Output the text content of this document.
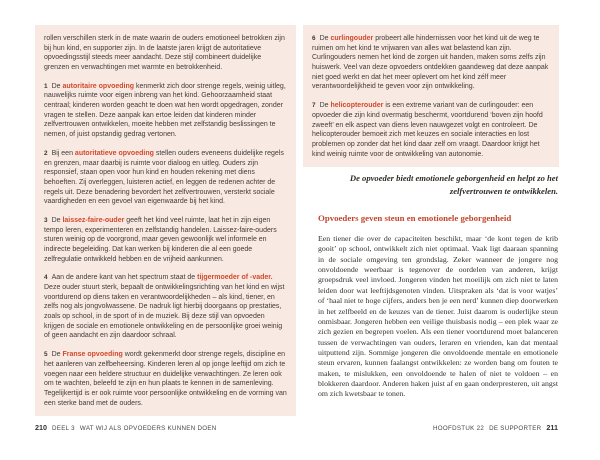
rollen verschillen sterk in de mate waarin de ouders emotioneel betrokken zijn bij hun kind, en supporter zijn. In de laatste jaren krijgt de autoritatieve opvoedingsstijl steeds meer aandacht. Deze stijl combineert duidelijke grenzen en verwachtingen met warmte en betrokkenheid.

1 De autoritaire opvoeding kenmerkt zich door strenge regels, weinig uitleg, nauwelijks ruimte voor eigen inbreng van het kind. Gehoorzaamheid staat centraal; kinderen worden geacht te doen wat hen wordt opgedragen, zonder vragen te stellen. Deze aanpak kan ertoe leiden dat kinderen minder zelfvertrouwen ontwikkelen, moeite hebben met zelfstandig beslissingen te nemen, of juist opstandig gedrag vertonen.

2 Bij een autoritatieve opvoeding stellen ouders eveneens duidelijke regels en grenzen, maar daarbij is ruimte voor dialoog en uitleg. Ouders zijn responsief, staan open voor hun kind en houden rekening met diens behoeften. Zij overleggen, luisteren actief, en leggen de redenen achter de regels uit. Deze benadering bevordert het zelfvertrouwen, versterkt sociale vaardigheden en een gevoel van eigenwaarde bij het kind.

3 De laissez-faire-ouder geeft het kind veel ruimte, laat het in zijn eigen tempo leren, experimenteren en zelfstandig handelen. Laissez-faire-ouders sturen weinig op de voorgrond, maar geven gewoonlijk wel informele en indirecte begeleiding. Dat kan werken bij kinderen die al een goede zelfregulatie ontwikkeld hebben en de vrijheid aankunnen.

4 Aan de andere kant van het spectrum staat de tijgermoeder of -vader. Deze ouder stuurt sterk, bepaalt de ontwikkelingsrichting van het kind en wijst voortdurend op diens taken en verantwoordelijkheden – als kind, tiener, en zelfs nog als jongvolwassene. De nadruk ligt hierbij doorgaans op prestaties, zoals op school, in de sport of in de muziek. Bij deze stijl van opvoeden krijgen de sociale en emotionele ontwikkeling en de persoonlijke groei weinig of geen aandacht en zijn daardoor schraal.

5 De Franse opvoeding wordt gekenmerkt door strenge regels, discipline en het aanleren van zelfbeheersing. Kinderen leren al op jonge leeftijd om zich te voegen naar een heldere structuur en duidelijke verwachtingen. Ze leren ook om te wachten, beleefd te zijn en hun plaats te kennen in de samenleving. Tegelijkertijd is er ook ruimte voor persoonlijke ontwikkeling en de vorming van een sterke band met de ouders.

210 DEEL 3 WAT WIJ ALS OPVOEDERS KUNNEN DOEN

6 De curlingouder probeert alle hindernissen voor het kind uit de weg te ruimen om het kind te vrijwaren van alles wat belastend kan zijn. Curlingouders nemen het kind de zorgen uit handen, maken soms zelfs zijn huiswerk. Veel van deze opvoeders ontdekken gaandeweg dat deze aanpak niet goed werkt en dat het meer oplevert om het kind zélf meer verantwoordelijkheid te geven voor zijn ontwikkeling.

7 De helicopterouder is een extreme variant van de curlingouder: een opvoeder die zijn kind overmatig beschermt, voortdurend ‘boven zijn hoofd zweeft’ en elk aspect van diens leven nauwgezet volgt en controleert. De helicopterouder bemoeit zich met keuzes en sociale interacties en lost problemen op zonder dat het kind daar zelf om vraagt. Daardoor krijgt het kind weinig ruimte voor de ontwikkeling van autonomie.

De opvoeder biedt emotionele geborgenheid en helpt zo het zelfvertrouwen te ontwikkelen.
Opvoeders geven steun en emotionele geborgenheid

Een tiener die over de capaciteiten beschikt, maar ‘de kont tegen de krib gooit’ op school, ontwikkelt zich niet optimaal. Vaak ligt daaraan spanning in de sociale omgeving ten grondslag. Zeker wanneer de jongere nog onvoldoende weerbaar is tegenover de oordelen van anderen, krijgt groepsdruk veel invloed. Jongeren vinden het moeilijk om zich niet te laten leiden door wat leeftijdsgenoten vinden. Uitspraken als ‘dat is voor watjes’ of ‘haal niet te hoge cijfers, anders ben je een nerd’ kunnen diep doorwerken in het zelfbeeld en de keuzes van de tiener. Juist daarom is ouderlijke steun onmisbaar. Jongeren hebben een veilige thuisbasis nodig – een plek waar ze zich gezien en begrepen voelen. Als een tiener voortdurend moet balanceren tussen de verwachtingen van ouders, leraren en vrienden, kan dat mentaal uitputtend zijn. Sommige jongeren die onvoldoende mentale en emotionele steun ervaren, kunnen faalangst ontwikkelen: ze worden bang om fouten te maken, te mislukken, een onvoldoende te halen of niet te voldoen – en blokkeren daardoor. Anderen haken juist af en gaan onderpresteren, uit angst om zich kwetsbaar te tonen.

HOOFDSTUK 22 DE SUPPORTER 211
